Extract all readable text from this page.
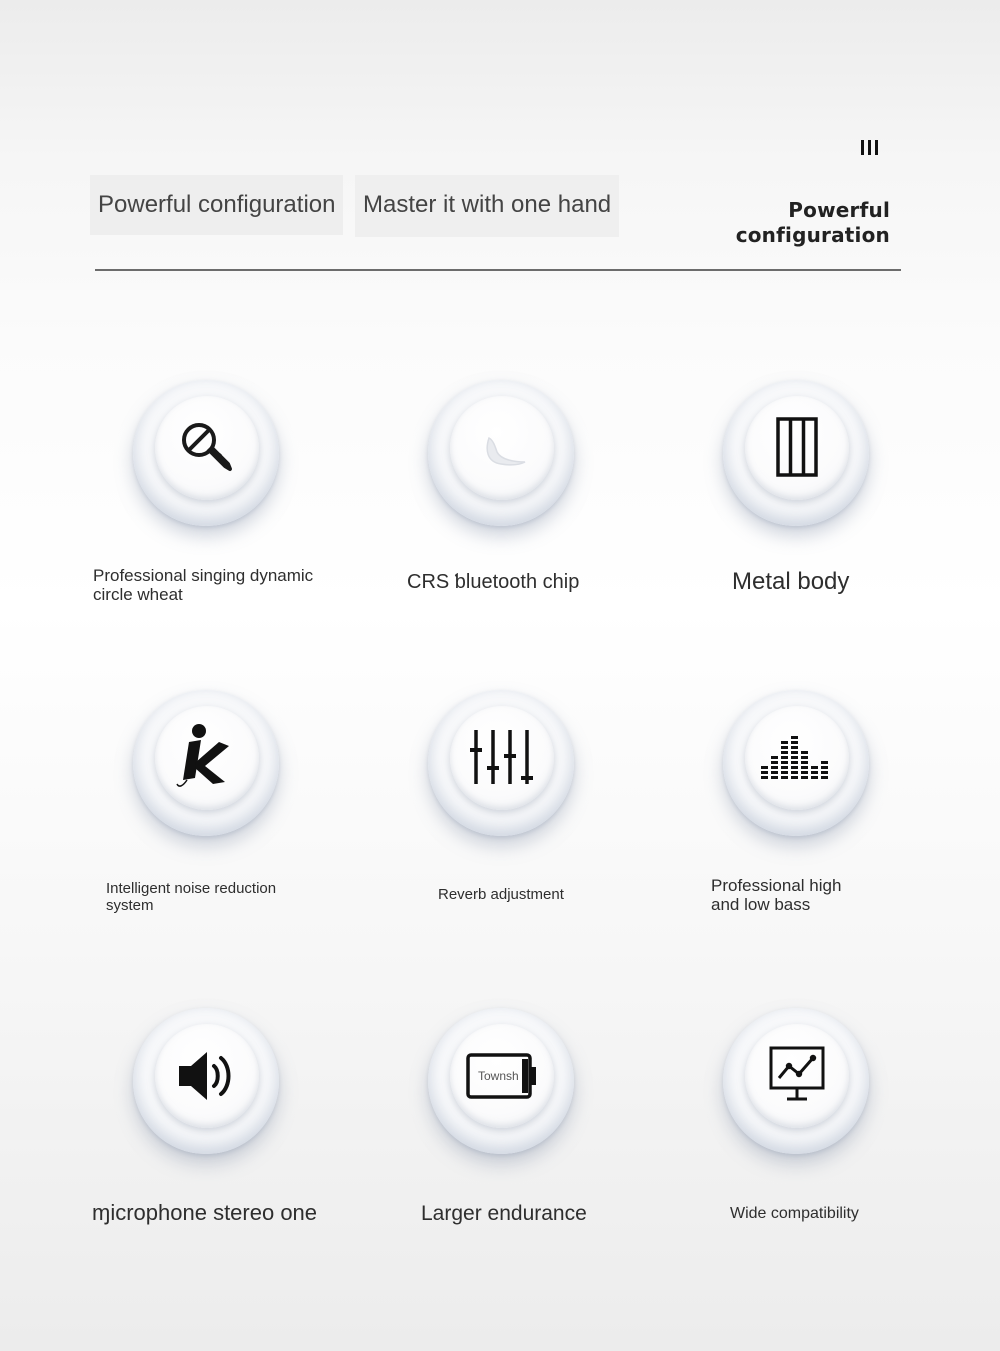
Powerful configuration	Master it with one hand	Powerful
configuration
Professional singing dynamic
circle wheat
CRS ƅluetooth chip	Metal body
Intelligent noise reduction
system
Reverb adjustment	Professional high
and low bass
ɱicrophone stereo one
Townsh
Larger endurance	Wide compatibility
